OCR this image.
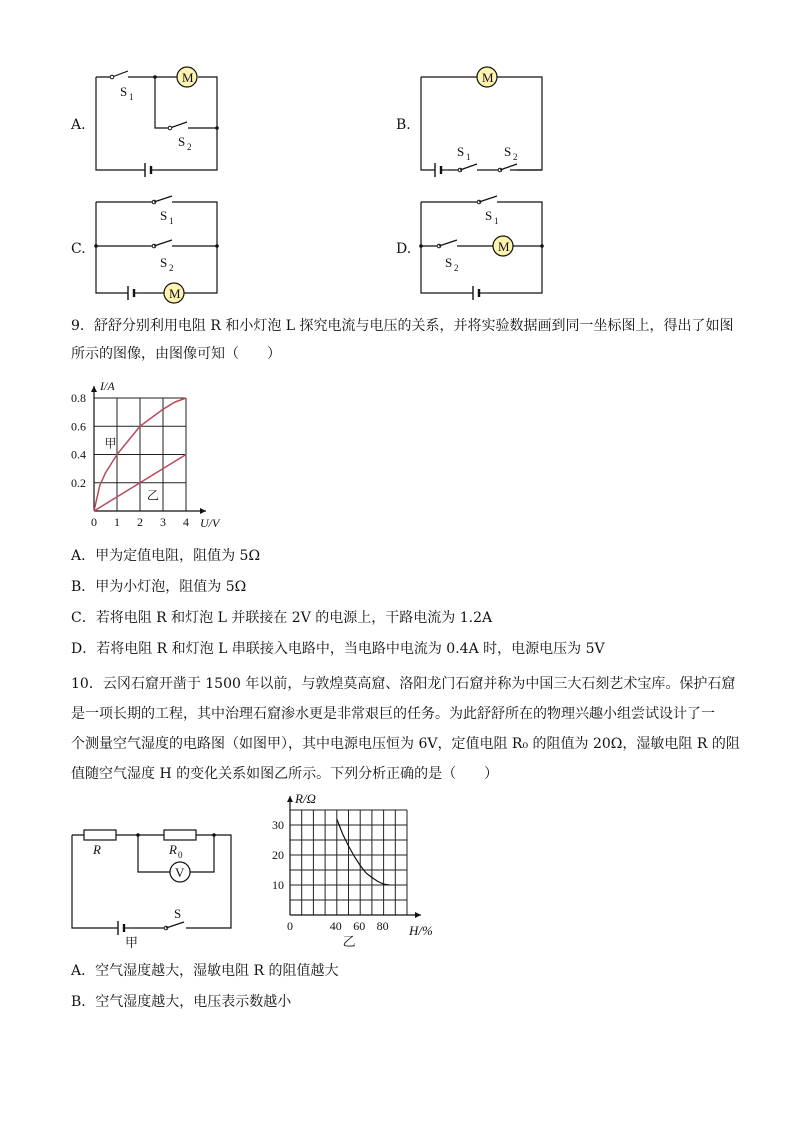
A.
M
S 1
S 2
B.
M
S 1	S 2
C.
M
S 1
S 2
D.	M
S 1
S 2
9．舒舒分别利用电阻 R 和小灯泡 L 探究电流与电压的关系，并将实验数据画到同一坐标图上，得出了如图
所示的图像，由图像可知（　　）
0 1 2 3 4
0.2
0.4
0.6
0.8
I/A
U/V
甲
乙
A．甲为定值电阻，阻值为 5Ω
B．甲为小灯泡，阻值为 5Ω
C．若将电阻 R 和灯泡 L 并联接在 2V 的电源上，干路电流为 1.2A
D．若将电阻 R 和灯泡 L 串联接入电路中，当电路中电流为 0.4A 时，电源电压为 5V
10．云冈石窟开凿于 1500 年以前，与敦煌莫高窟、洛阳龙门石窟并称为中国三大石刻艺术宝库。保护石窟
是一项长期的工程，其中治理石窟渗水更是非常艰巨的任务。为此舒舒所在的物理兴趣小组尝试设计了一
个测量空气湿度的电路图（如图甲），其中电源电压恒为 6V，定值电阻 R₀ 的阻值为 20Ω，湿敏电阻 R 的阻
值随空气湿度 H 的变化关系如图乙所示。下列分析正确的是（　　）
V
R	R 0
S
甲
0	40 60 80
10
20
30
R/Ω
H/%
乙
A．空气湿度越大，湿敏电阻 R 的阻值越大
B．空气湿度越大，电压表示数越小
